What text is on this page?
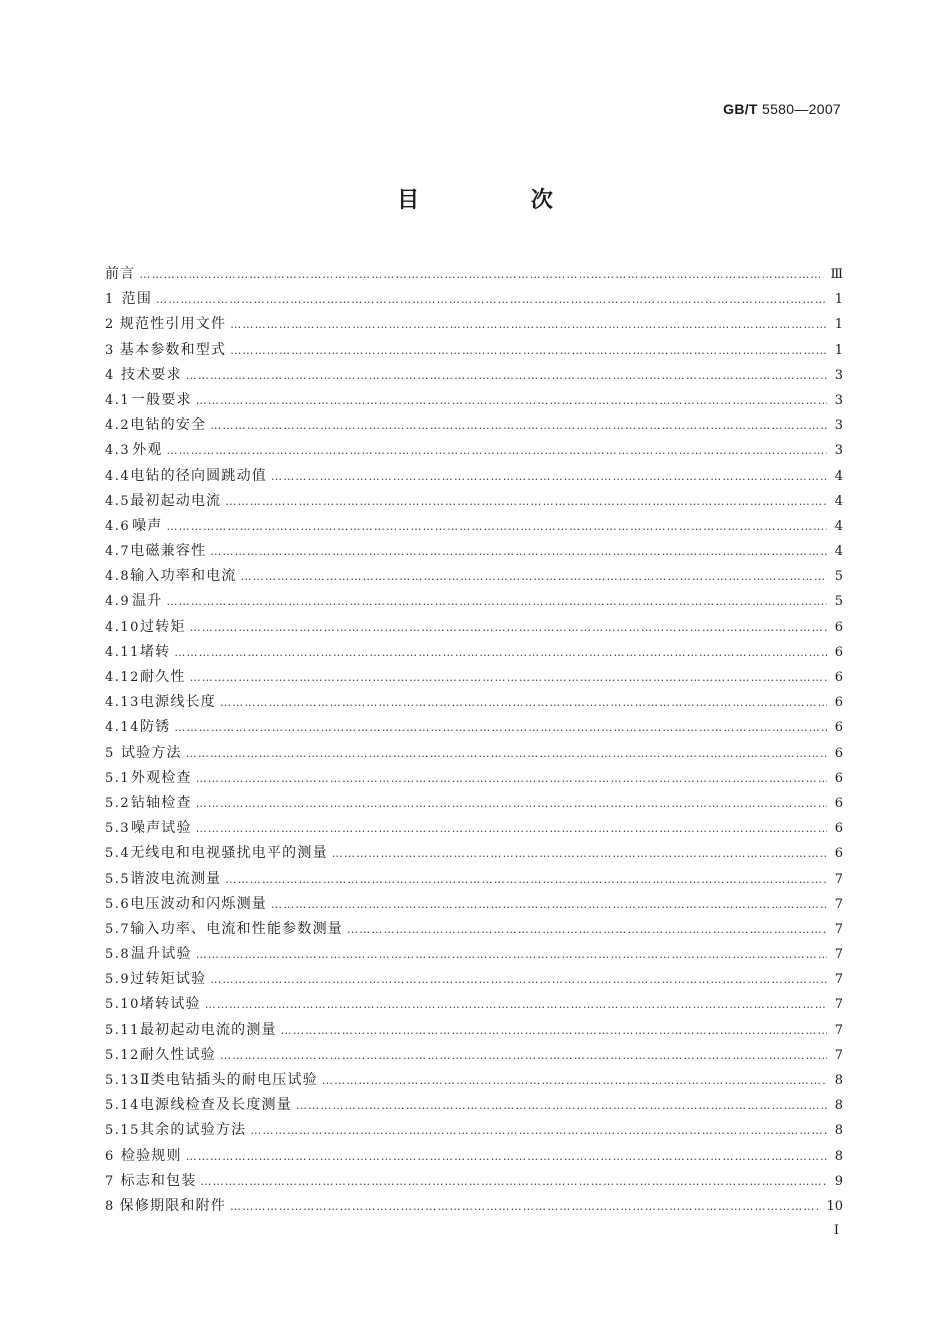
GB/T 5580—2007
目 次
前言 ……………………………………………………………………………………………………………………………………………………………………………………………………………………………………	Ⅲ
1 范围 ……………………………………………………………………………………………………………………………………………………………………………………………………………………………………	1
2 规范性引用文件 ……………………………………………………………………………………………………………………………………………………………………………………………………………………………………	1
3 基本参数和型式 ……………………………………………………………………………………………………………………………………………………………………………………………………………………………………	1
4 技术要求 ……………………………………………………………………………………………………………………………………………………………………………………………………………………………………	3
4.1 一般要求 ……………………………………………………………………………………………………………………………………………………………………………………………………………………………………	3
4.2 电钻的安全 ……………………………………………………………………………………………………………………………………………………………………………………………………………………………………	3
4.3 外观 ……………………………………………………………………………………………………………………………………………………………………………………………………………………………………	3
4.4 电钻的径向圆跳动值 ……………………………………………………………………………………………………………………………………………………………………………………………………………………………………	4
4.5 最初起动电流 ……………………………………………………………………………………………………………………………………………………………………………………………………………………………………	4
4.6 噪声 ……………………………………………………………………………………………………………………………………………………………………………………………………………………………………	4
4.7 电磁兼容性 ……………………………………………………………………………………………………………………………………………………………………………………………………………………………………	4
4.8 输入功率和电流 ……………………………………………………………………………………………………………………………………………………………………………………………………………………………………	5
4.9 温升 ……………………………………………………………………………………………………………………………………………………………………………………………………………………………………	5
4.10 过转矩 ……………………………………………………………………………………………………………………………………………………………………………………………………………………………………	6
4.11 堵转 ……………………………………………………………………………………………………………………………………………………………………………………………………………………………………	6
4.12 耐久性 ……………………………………………………………………………………………………………………………………………………………………………………………………………………………………	6
4.13 电源线长度 ……………………………………………………………………………………………………………………………………………………………………………………………………………………………………	6
4.14 防锈 ……………………………………………………………………………………………………………………………………………………………………………………………………………………………………	6
5 试验方法 ……………………………………………………………………………………………………………………………………………………………………………………………………………………………………	6
5.1 外观检查 ……………………………………………………………………………………………………………………………………………………………………………………………………………………………………	6
5.2 钻轴检查 ……………………………………………………………………………………………………………………………………………………………………………………………………………………………………	6
5.3 噪声试验 ……………………………………………………………………………………………………………………………………………………………………………………………………………………………………	6
5.4 无线电和电视骚扰电平的测量 ……………………………………………………………………………………………………………………………………………………………………………………………………………………………………	6
5.5 谐波电流测量 ……………………………………………………………………………………………………………………………………………………………………………………………………………………………………	7
5.6 电压波动和闪烁测量 ……………………………………………………………………………………………………………………………………………………………………………………………………………………………………	7
5.7 输入功率、电流和性能参数测量 ……………………………………………………………………………………………………………………………………………………………………………………………………………………………………	7
5.8 温升试验 ……………………………………………………………………………………………………………………………………………………………………………………………………………………………………	7
5.9 过转矩试验 ……………………………………………………………………………………………………………………………………………………………………………………………………………………………………	7
5.10 堵转试验 ……………………………………………………………………………………………………………………………………………………………………………………………………………………………………	7
5.11 最初起动电流的测量 ……………………………………………………………………………………………………………………………………………………………………………………………………………………………………	7
5.12 耐久性试验 ……………………………………………………………………………………………………………………………………………………………………………………………………………………………………	7
5.13 Ⅱ类电钻插头的耐电压试验 ……………………………………………………………………………………………………………………………………………………………………………………………………………………………………	8
5.14 电源线检查及长度测量 ……………………………………………………………………………………………………………………………………………………………………………………………………………………………………	8
5.15 其余的试验方法 ……………………………………………………………………………………………………………………………………………………………………………………………………………………………………	8
6 检验规则 ……………………………………………………………………………………………………………………………………………………………………………………………………………………………………	8
7 标志和包装 ……………………………………………………………………………………………………………………………………………………………………………………………………………………………………	9
8 保修期限和附件 ……………………………………………………………………………………………………………………………………………………………………………………………………………………………………	10
I
